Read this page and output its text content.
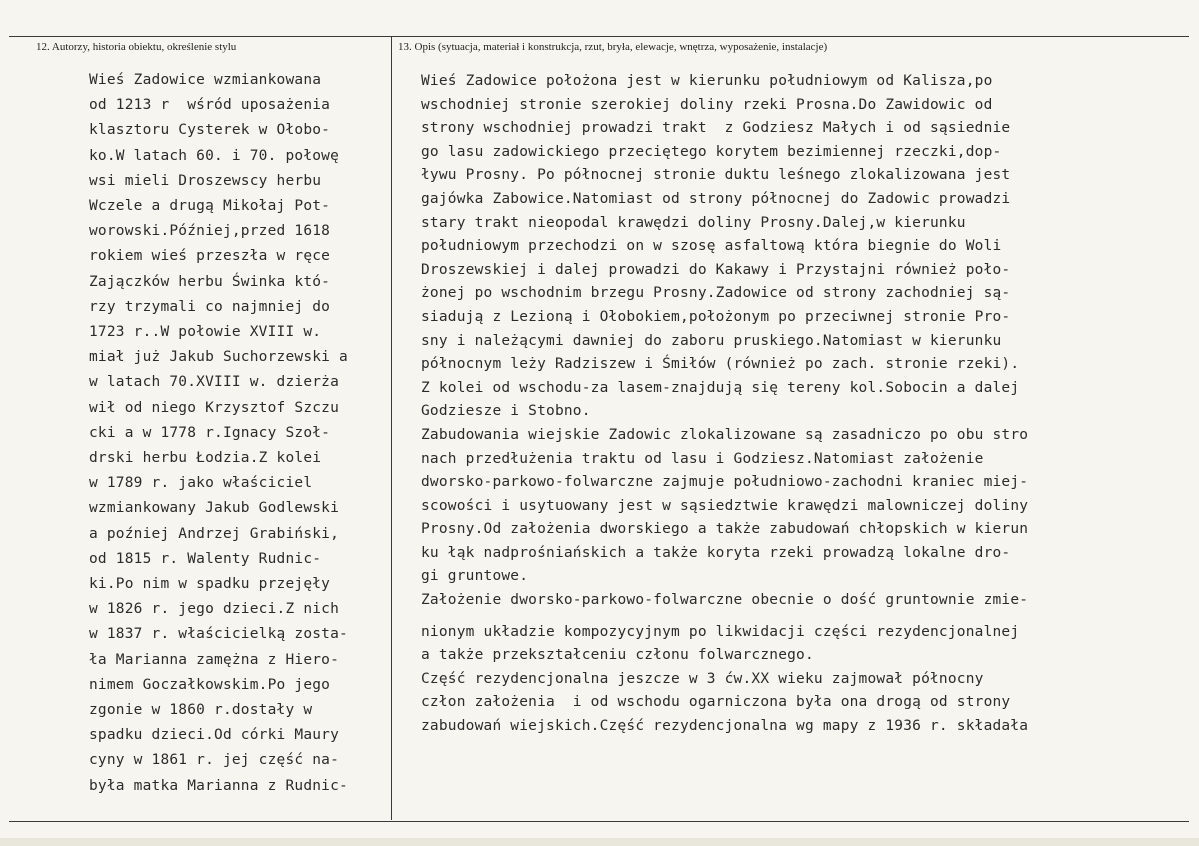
12. Autorzy, historia obiektu, określenie stylu	13. Opis (sytuacja, materiał i konstrukcja, rzut, bryła, elewacje, wnętrza, wyposażenie, instalacje)
Wieś Zadowice wzmiankowana
od 1213 r  wśród uposażenia
klasztoru Cysterek w Ołobo-
ko.W latach 60. i 70. połowę
wsi mieli Droszewscy herbu
Wczele a drugą Mikołaj Pot-
worowski.Później,przed 1618
rokiem wieś przeszła w ręce
Zajączków herbu Świnka któ-
rzy trzymali co najmniej do
1723 r..W połowie XVIII w.
miał już Jakub Suchorzewski a
w latach 70.XVIII w. dzierża
wił od niego Krzysztof Szczu
cki a w 1778 r.Ignacy Szoł-
drski herbu Łodzia.Z kolei
w 1789 r. jako właściciel
wzmiankowany Jakub Godlewski
a poźniej Andrzej Grabiński,
od 1815 r. Walenty Rudnic-
ki.Po nim w spadku przejęły
w 1826 r. jego dzieci.Z nich
w 1837 r. właścicielką zosta-
ła Marianna zamężna z Hiero-
nimem Goczałkowskim.Po jego
zgonie w 1860 r.dostały w
spadku dzieci.Od córki Maury
cyny w 1861 r. jej część na-
była matka Marianna z Rudnic-
Wieś Zadowice położona jest w kierunku południowym od Kalisza,po
wschodniej stronie szerokiej doliny rzeki Prosna.Do Zawidowic od
strony wschodniej prowadzi trakt  z Godziesz Małych i od sąsiednie
go lasu zadowickiego przeciętego korytem bezimiennej rzeczki,dop-
ływu Prosny. Po północnej stronie duktu leśnego zlokalizowana jest
gajówka Zabowice.Natomiast od strony północnej do Zadowic prowadzi
stary trakt nieopodal krawędzi doliny Prosny.Dalej,w kierunku
południowym przechodzi on w szosę asfaltową która biegnie do Woli
Droszewskiej i dalej prowadzi do Kakawy i Przystajni również poło-
żonej po wschodnim brzegu Prosny.Zadowice od strony zachodniej są-
siadują z Lezioną i Ołobokiem,położonym po przeciwnej stronie Pro-
sny i należącymi dawniej do zaboru pruskiego.Natomiast w kierunku
północnym leży Radziszew i Śmiłów (również po zach. stronie rzeki).
Z kolei od wschodu-za lasem-znajdują się tereny kol.Sobocin a dalej
Godziesze i Stobno.
Zabudowania wiejskie Zadowic zlokalizowane są zasadniczo po obu stro
nach przedłużenia traktu od lasu i Godziesz.Natomiast założenie
dworsko-parkowo-folwarczne zajmuje południowo-zachodni kraniec miej-
scowości i usytuowany jest w sąsiedztwie krawędzi malowniczej doliny
Prosny.Od założenia dworskiego a także zabudowań chłopskich w kierun
ku łąk nadprośniańskich a także koryta rzeki prowadzą lokalne dro-
gi gruntowe.
Założenie dworsko-parkowo-folwarczne obecnie o dość gruntownie zmie-
nionym układzie kompozycyjnym po likwidacji części rezydencjonalnej
a także przekształceniu członu folwarcznego.
Część rezydencjonalna jeszcze w 3 ćw.XX wieku zajmował północny
człon założenia  i od wschodu ogarniczona była ona drogą od strony
zabudowań wiejskich.Część rezydencjonalna wg mapy z 1936 r. składała
